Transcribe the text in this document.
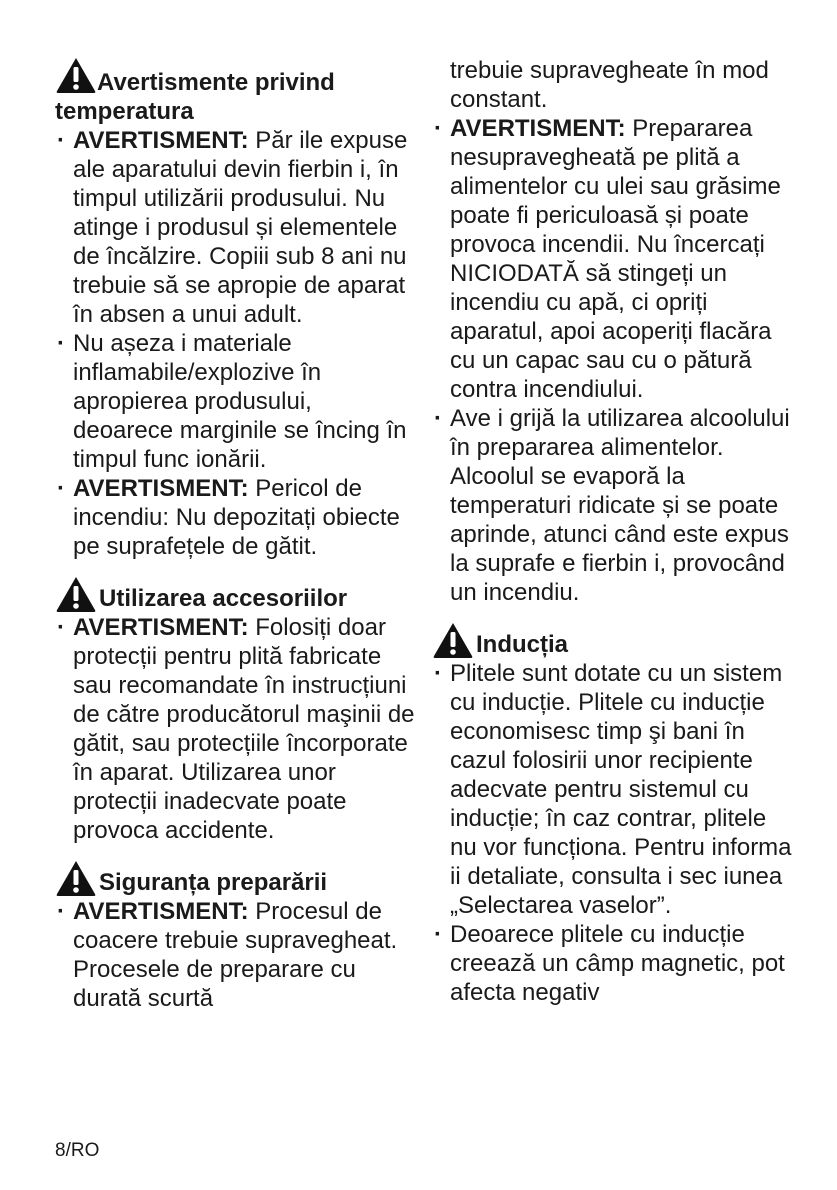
Avertismente privind
temperatura
· AVERTISMENT: Păr ile expuse ale aparatului devin fierbin i, în timpul utilizării produsului. Nu atinge i produsul și elementele de încălzire. Copiii sub 8 ani nu trebuie să se apropie de aparat în absen a unui adult.
· Nu așeza i materiale inflamabile/explozive în apropierea produsului, deoarece marginile se încing în timpul func ionării.
· AVERTISMENT: Pericol de incendiu: Nu depozitați obiecte pe suprafețele de gătit.
Utilizarea accesoriilor
· AVERTISMENT: Folosiți doar protecții pentru plită fabricate sau recomandate în instrucțiuni de către producătorul maşinii de gătit, sau protecțiile încorporate în aparat. Utilizarea unor protecții inadecvate poate provoca accidente.
Siguranța preparării
· AVERTISMENT: Procesul de coacere trebuie supravegheat. Procesele de preparare cu durată scurtă

trebuie supravegheate în mod constant.

· AVERTISMENT: Prepararea nesupravegheată pe plită a alimentelor cu ulei sau grăsime poate fi periculoasă și poate provoca incendii. Nu încercați NICIODATĂ să stingeți un incendiu cu apă, ci opriți aparatul, apoi acoperiți flacăra cu un capac sau cu o pătură contra incendiului.
· Ave i grijă la utilizarea alcoolului în prepararea alimentelor. Alcoolul se evaporă la temperaturi ridicate și se poate aprinde, atunci când este expus la suprafe e fierbin i, provocând un incendiu.
Inducția
· Plitele sunt dotate cu un sistem cu inducție. Plitele cu inducție economisesc timp şi bani în cazul folosirii unor recipiente adecvate pentru sistemul cu inducție; în caz contrar, plitele nu vor funcționa. Pentru informa ii detaliate, consulta i sec iunea „Selectarea vaselor”.
· Deoarece plitele cu inducție creează un câmp magnetic, pot afecta negativ
8/RO
